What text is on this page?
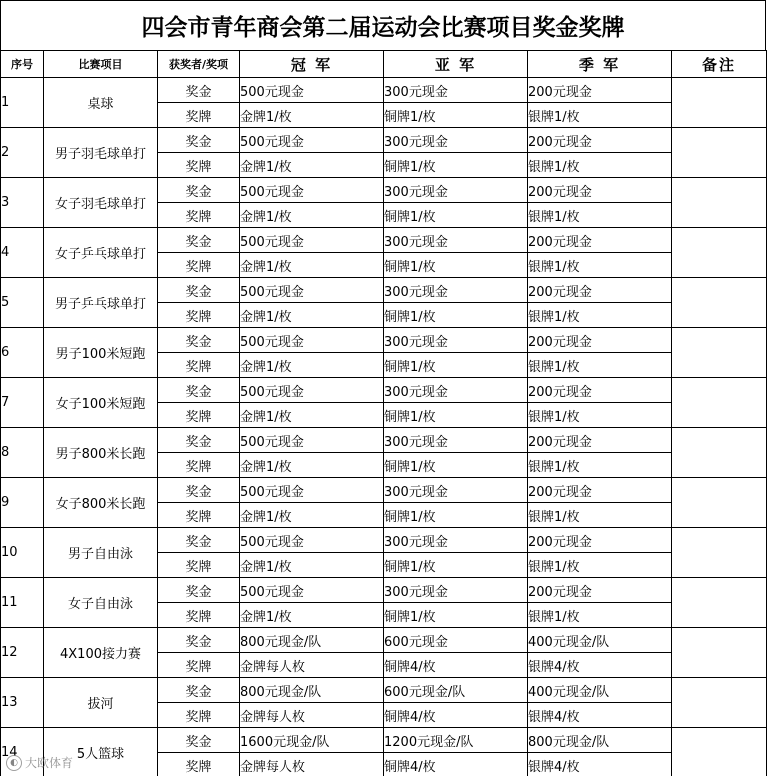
四会市青年商会第二届运动会比赛项目奖金奖牌
序号	比赛项目	获奖者/奖项	冠 军	亚 军	季 军	备注
1	桌球	奖金	500元现金	300元现金	200元现金	
		奖牌	金牌1/枚	铜牌1/枚	银牌1/枚	
2	男子羽毛球单打	奖金	500元现金	300元现金	200元现金	
		奖牌	金牌1/枚	铜牌1/枚	银牌1/枚	
3	女子羽毛球单打	奖金	500元现金	300元现金	200元现金	
		奖牌	金牌1/枚	铜牌1/枚	银牌1/枚	
4	女子乒乓球单打	奖金	500元现金	300元现金	200元现金	
		奖牌	金牌1/枚	铜牌1/枚	银牌1/枚	
5	男子乒乓球单打	奖金	500元现金	300元现金	200元现金	
		奖牌	金牌1/枚	铜牌1/枚	银牌1/枚	
6	男子100米短跑	奖金	500元现金	300元现金	200元现金	
		奖牌	金牌1/枚	铜牌1/枚	银牌1/枚	
7	女子100米短跑	奖金	500元现金	300元现金	200元现金	
		奖牌	金牌1/枚	铜牌1/枚	银牌1/枚	
8	男子800米长跑	奖金	500元现金	300元现金	200元现金	
		奖牌	金牌1/枚	铜牌1/枚	银牌1/枚	
9	女子800米长跑	奖金	500元现金	300元现金	200元现金	
		奖牌	金牌1/枚	铜牌1/枚	银牌1/枚	
10	男子自由泳	奖金	500元现金	300元现金	200元现金	
		奖牌	金牌1/枚	铜牌1/枚	银牌1/枚	
11	女子自由泳	奖金	500元现金	300元现金	200元现金	
		奖牌	金牌1/枚	铜牌1/枚	银牌1/枚	
12	4X100接力赛	奖金	800元现金/队	600元现金	400元现金/队	
		奖牌	金牌每人枚	铜牌4/枚	银牌4/枚	
13	拔河	奖金	800元现金/队	600元现金/队	400元现金/队	
		奖牌	金牌每人枚	铜牌4/枚	银牌4/枚	
14	5人篮球	奖金	1600元现金/队	1200元现金/队	800元现金/队	
		奖牌	金牌每人枚	铜牌4/枚	银牌4/枚	
◐ 大欧体育
